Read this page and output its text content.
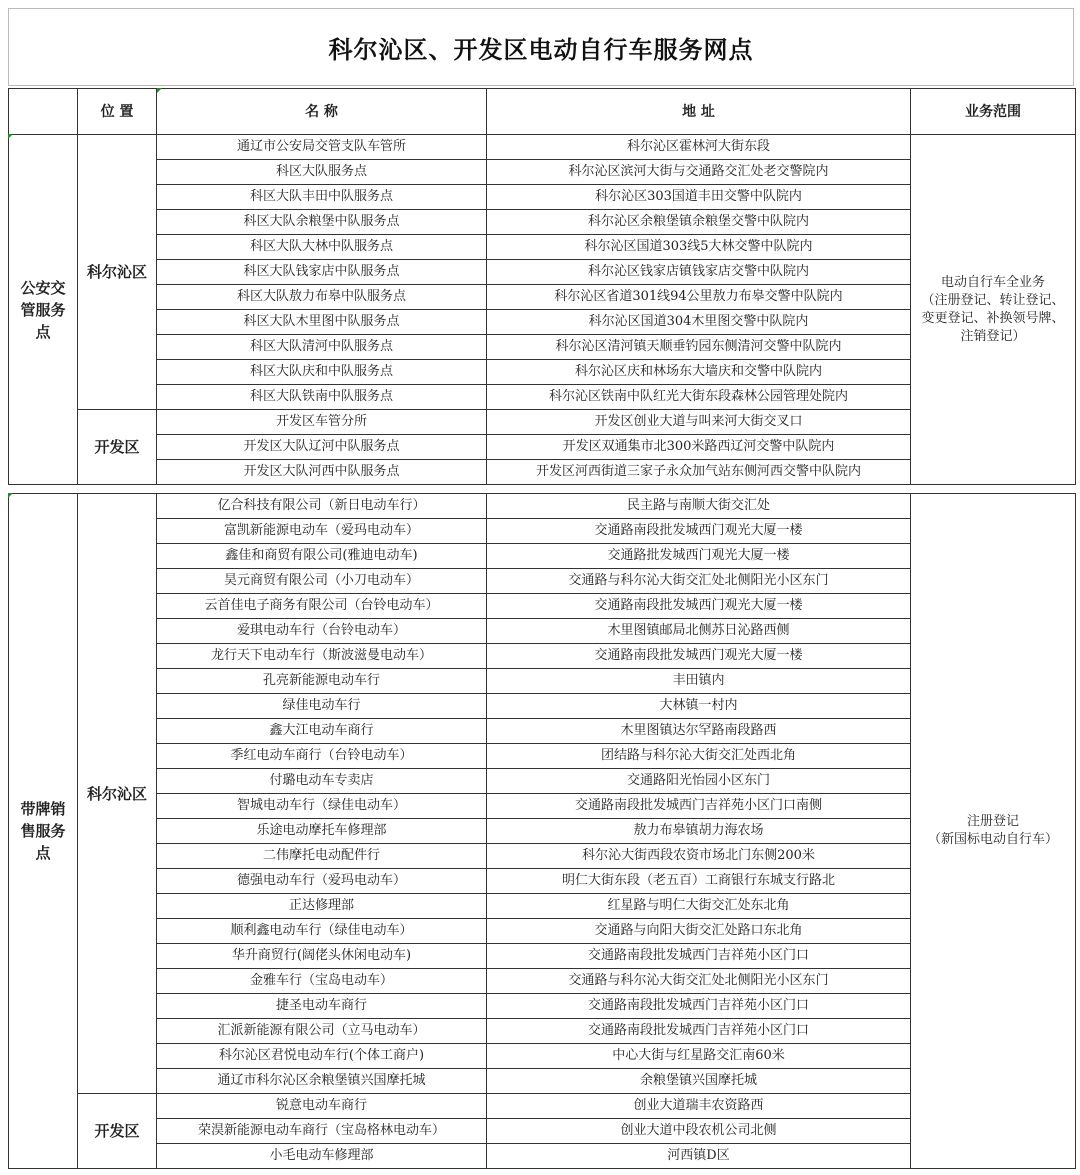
科尔沁区、开发区电动自行车服务网点
	位 置	名 称	地 址	业务范围
公安交管服务点	科尔沁区	通辽市公安局交管支队车管所	科尔沁区霍林河大街东段	电动自行车全业务
（注册登记、转让登记、
变更登记、补换领号牌、
注销登记）

		科区大队服务点	科尔沁区滨河大街与交通路交汇处老交警院内	
		科区大队丰田中队服务点	科尔沁区303国道丰田交警中队院内	
		科区大队余粮堡中队服务点	科尔沁区余粮堡镇余粮堡交警中队院内	
		科区大队大林中队服务点	科尔沁区国道303线5大林交警中队院内	
		科区大队钱家店中队服务点	科尔沁区钱家店镇钱家店交警中队院内	
		科区大队敖力布皋中队服务点	科尔沁区省道301线94公里敖力布皋交警中队院内	
		科区大队木里图中队服务点	科尔沁区国道304木里图交警中队院内	
		科区大队清河中队服务点	科尔沁区清河镇天顺垂钓园东侧清河交警中队院内	
		科区大队庆和中队服务点	科尔沁区庆和林场东大墙庆和交警中队院内	
		科区大队铁南中队服务点	科尔沁区铁南中队红光大街东段森林公园管理处院内	
	开发区	开发区车管分所	开发区创业大道与叫来河大街交叉口	
		开发区大队辽河中队服务点	开发区双通集市北300米路西辽河交警中队院内	
		开发区大队河西中队服务点	开发区河西街道三家子永众加气站东侧河西交警中队院内	
带牌销售服务点	科尔沁区	亿合科技有限公司（新日电动车行）	民主路与南顺大街交汇处	注册登记
（新国标电动自行车）

		富凯新能源电动车（爱玛电动车）	交通路南段批发城西门观光大厦一楼	
		鑫佳和商贸有限公司(雅迪电动车)	交通路批发城西门观光大厦一楼	
		昊元商贸有限公司（小刀电动车）	交通路与科尔沁大街交汇处北侧阳光小区东门	
		云首佳电子商务有限公司（台铃电动车）	交通路南段批发城西门观光大厦一楼	
		爱琪电动车行（台铃电动车）	木里图镇邮局北侧苏日沁路西侧	
		龙行天下电动车行（斯波滋曼电动车）	交通路南段批发城西门观光大厦一楼	
		孔亮新能源电动车行	丰田镇内	
		绿佳电动车行	大林镇一村内	
		鑫大江电动车商行	木里图镇达尔罕路南段路西	
		季红电动车商行（台铃电动车）	团结路与科尔沁大街交汇处西北角	
		付璐电动车专卖店	交通路阳光怡园小区东门	
		智城电动车行（绿佳电动车）	交通路南段批发城西门吉祥苑小区门口南侧	
		乐途电动摩托车修理部	敖力布皋镇胡力海农场	
		二伟摩托电动配件行	科尔沁大街西段农资市场北门东侧200米	
		德强电动车行（爱玛电动车）	明仁大街东段（老五百）工商银行东城支行路北	
		正达修理部	红星路与明仁大街交汇处东北角	
		顺利鑫电动车行（绿佳电动车）	交通路与向阳大街交汇处路口东北角	
		华升商贸行(阔佬头休闲电动车)	交通路南段批发城西门吉祥苑小区门口	
		金雅车行（宝岛电动车）	交通路与科尔沁大街交汇处北侧阳光小区东门	
		捷圣电动车商行	交通路南段批发城西门吉祥苑小区门口	
		汇派新能源有限公司（立马电动车）	交通路南段批发城西门吉祥苑小区门口	
		科尔沁区君悦电动车行(个体工商户)	中心大街与红星路交汇南60米	
		通辽市科尔沁区余粮堡镇兴国摩托城	余粮堡镇兴国摩托城	
	开发区	锐意电动车商行	创业大道瑞丰农资路西	
		荣淏新能源电动车商行（宝岛格林电动车）	创业大道中段农机公司北侧	
		小毛电动车修理部	河西镇D区	
